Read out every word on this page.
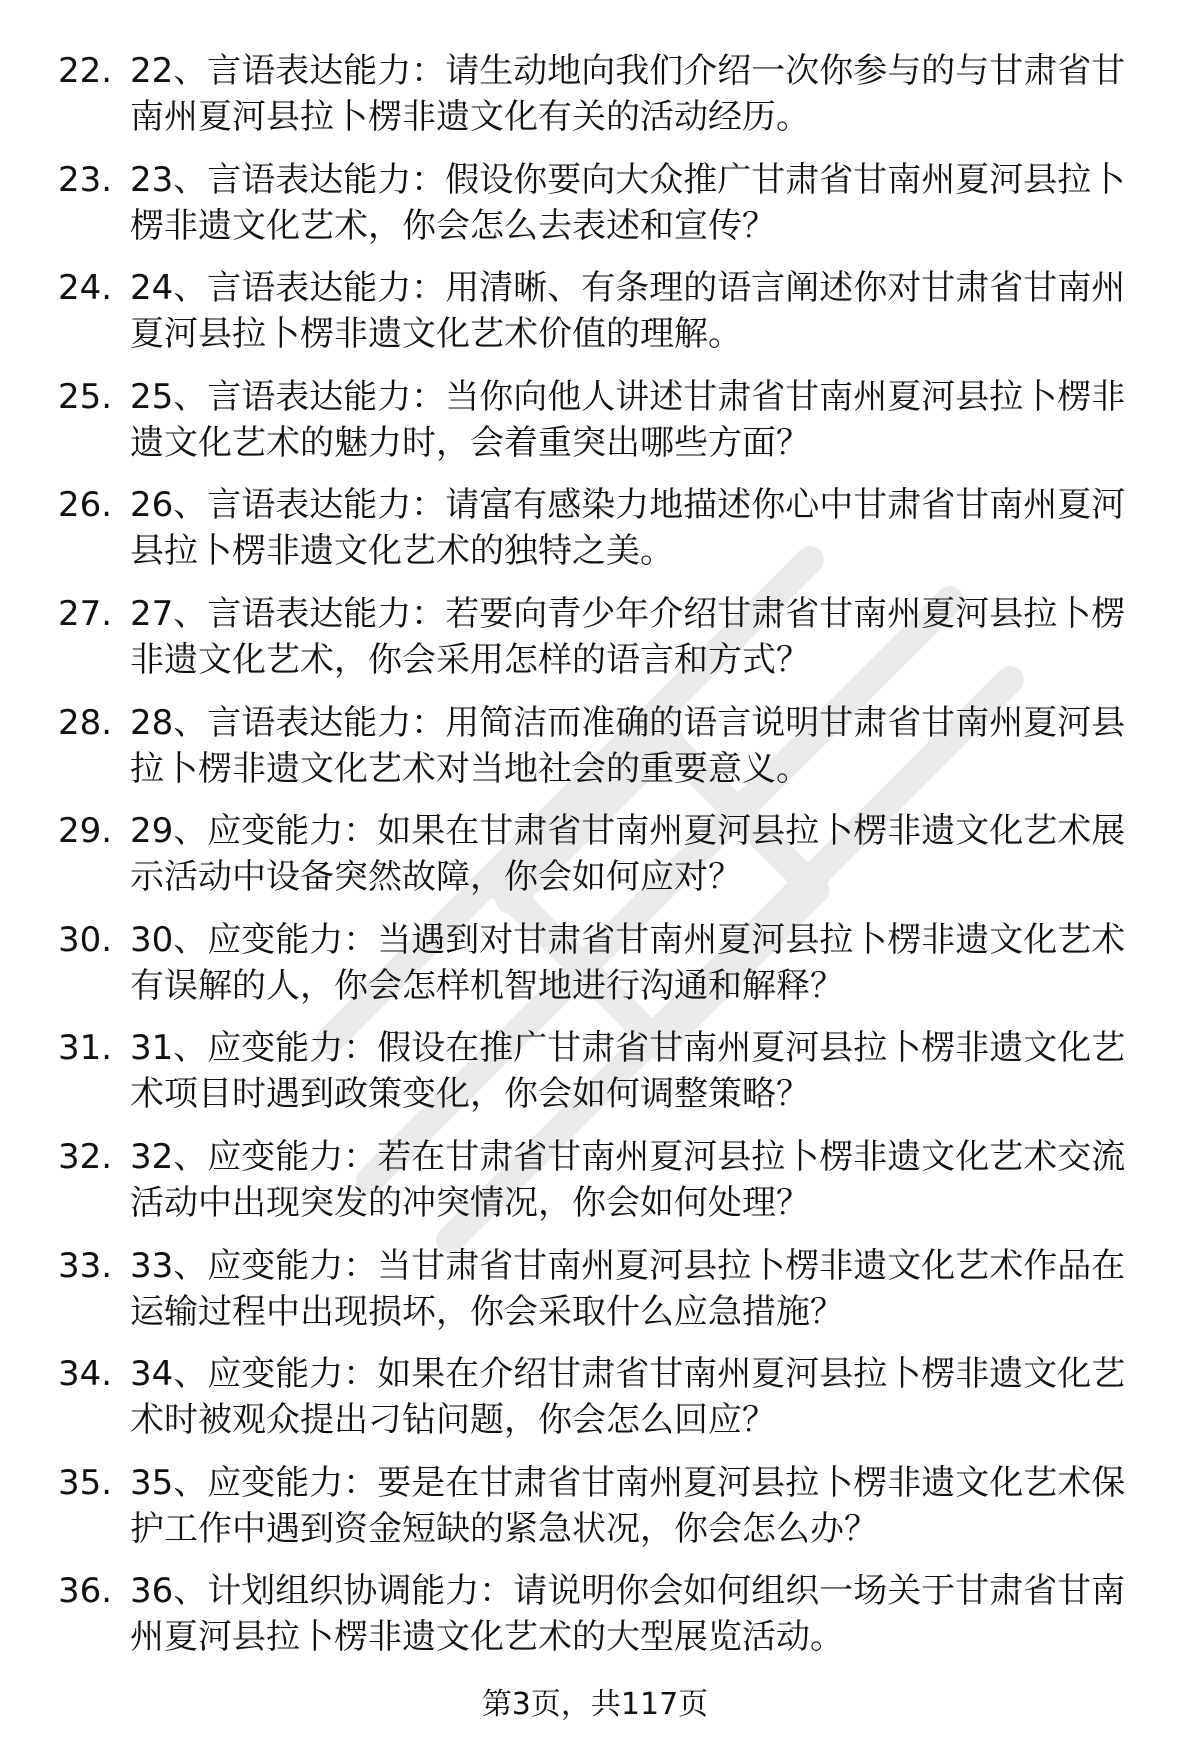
22. 22、言语表达能力：请生动地向我们介绍一次你参与的与甘肃省甘南州夏河县拉卜楞非遗文化有关的活动经历。
23. 23、言语表达能力：假设你要向大众推广甘肃省甘南州夏河县拉卜楞非遗文化艺术，你会怎么去表述和宣传？
24. 24、言语表达能力：用清晰、有条理的语言阐述你对甘肃省甘南州夏河县拉卜楞非遗文化艺术价值的理解。
25. 25、言语表达能力：当你向他人讲述甘肃省甘南州夏河县拉卜楞非遗文化艺术的魅力时，会着重突出哪些方面？
26. 26、言语表达能力：请富有感染力地描述你心中甘肃省甘南州夏河县拉卜楞非遗文化艺术的独特之美。
27. 27、言语表达能力：若要向青少年介绍甘肃省甘南州夏河县拉卜楞非遗文化艺术，你会采用怎样的语言和方式？
28. 28、言语表达能力：用简洁而准确的语言说明甘肃省甘南州夏河县拉卜楞非遗文化艺术对当地社会的重要意义。
29. 29、应变能力：如果在甘肃省甘南州夏河县拉卜楞非遗文化艺术展示活动中设备突然故障，你会如何应对？
30. 30、应变能力：当遇到对甘肃省甘南州夏河县拉卜楞非遗文化艺术有误解的人，你会怎样机智地进行沟通和解释？
31. 31、应变能力：假设在推广甘肃省甘南州夏河县拉卜楞非遗文化艺术项目时遇到政策变化，你会如何调整策略？
32. 32、应变能力：若在甘肃省甘南州夏河县拉卜楞非遗文化艺术交流活动中出现突发的冲突情况，你会如何处理？
33. 33、应变能力：当甘肃省甘南州夏河县拉卜楞非遗文化艺术作品在运输过程中出现损坏，你会采取什么应急措施？
34. 34、应变能力：如果在介绍甘肃省甘南州夏河县拉卜楞非遗文化艺术时被观众提出刁钻问题，你会怎么回应？
35. 35、应变能力：要是在甘肃省甘南州夏河县拉卜楞非遗文化艺术保护工作中遇到资金短缺的紧急状况，你会怎么办？
36. 36、计划组织协调能力：请说明你会如何组织一场关于甘肃省甘南州夏河县拉卜楞非遗文化艺术的大型展览活动。
第3页，共117页
